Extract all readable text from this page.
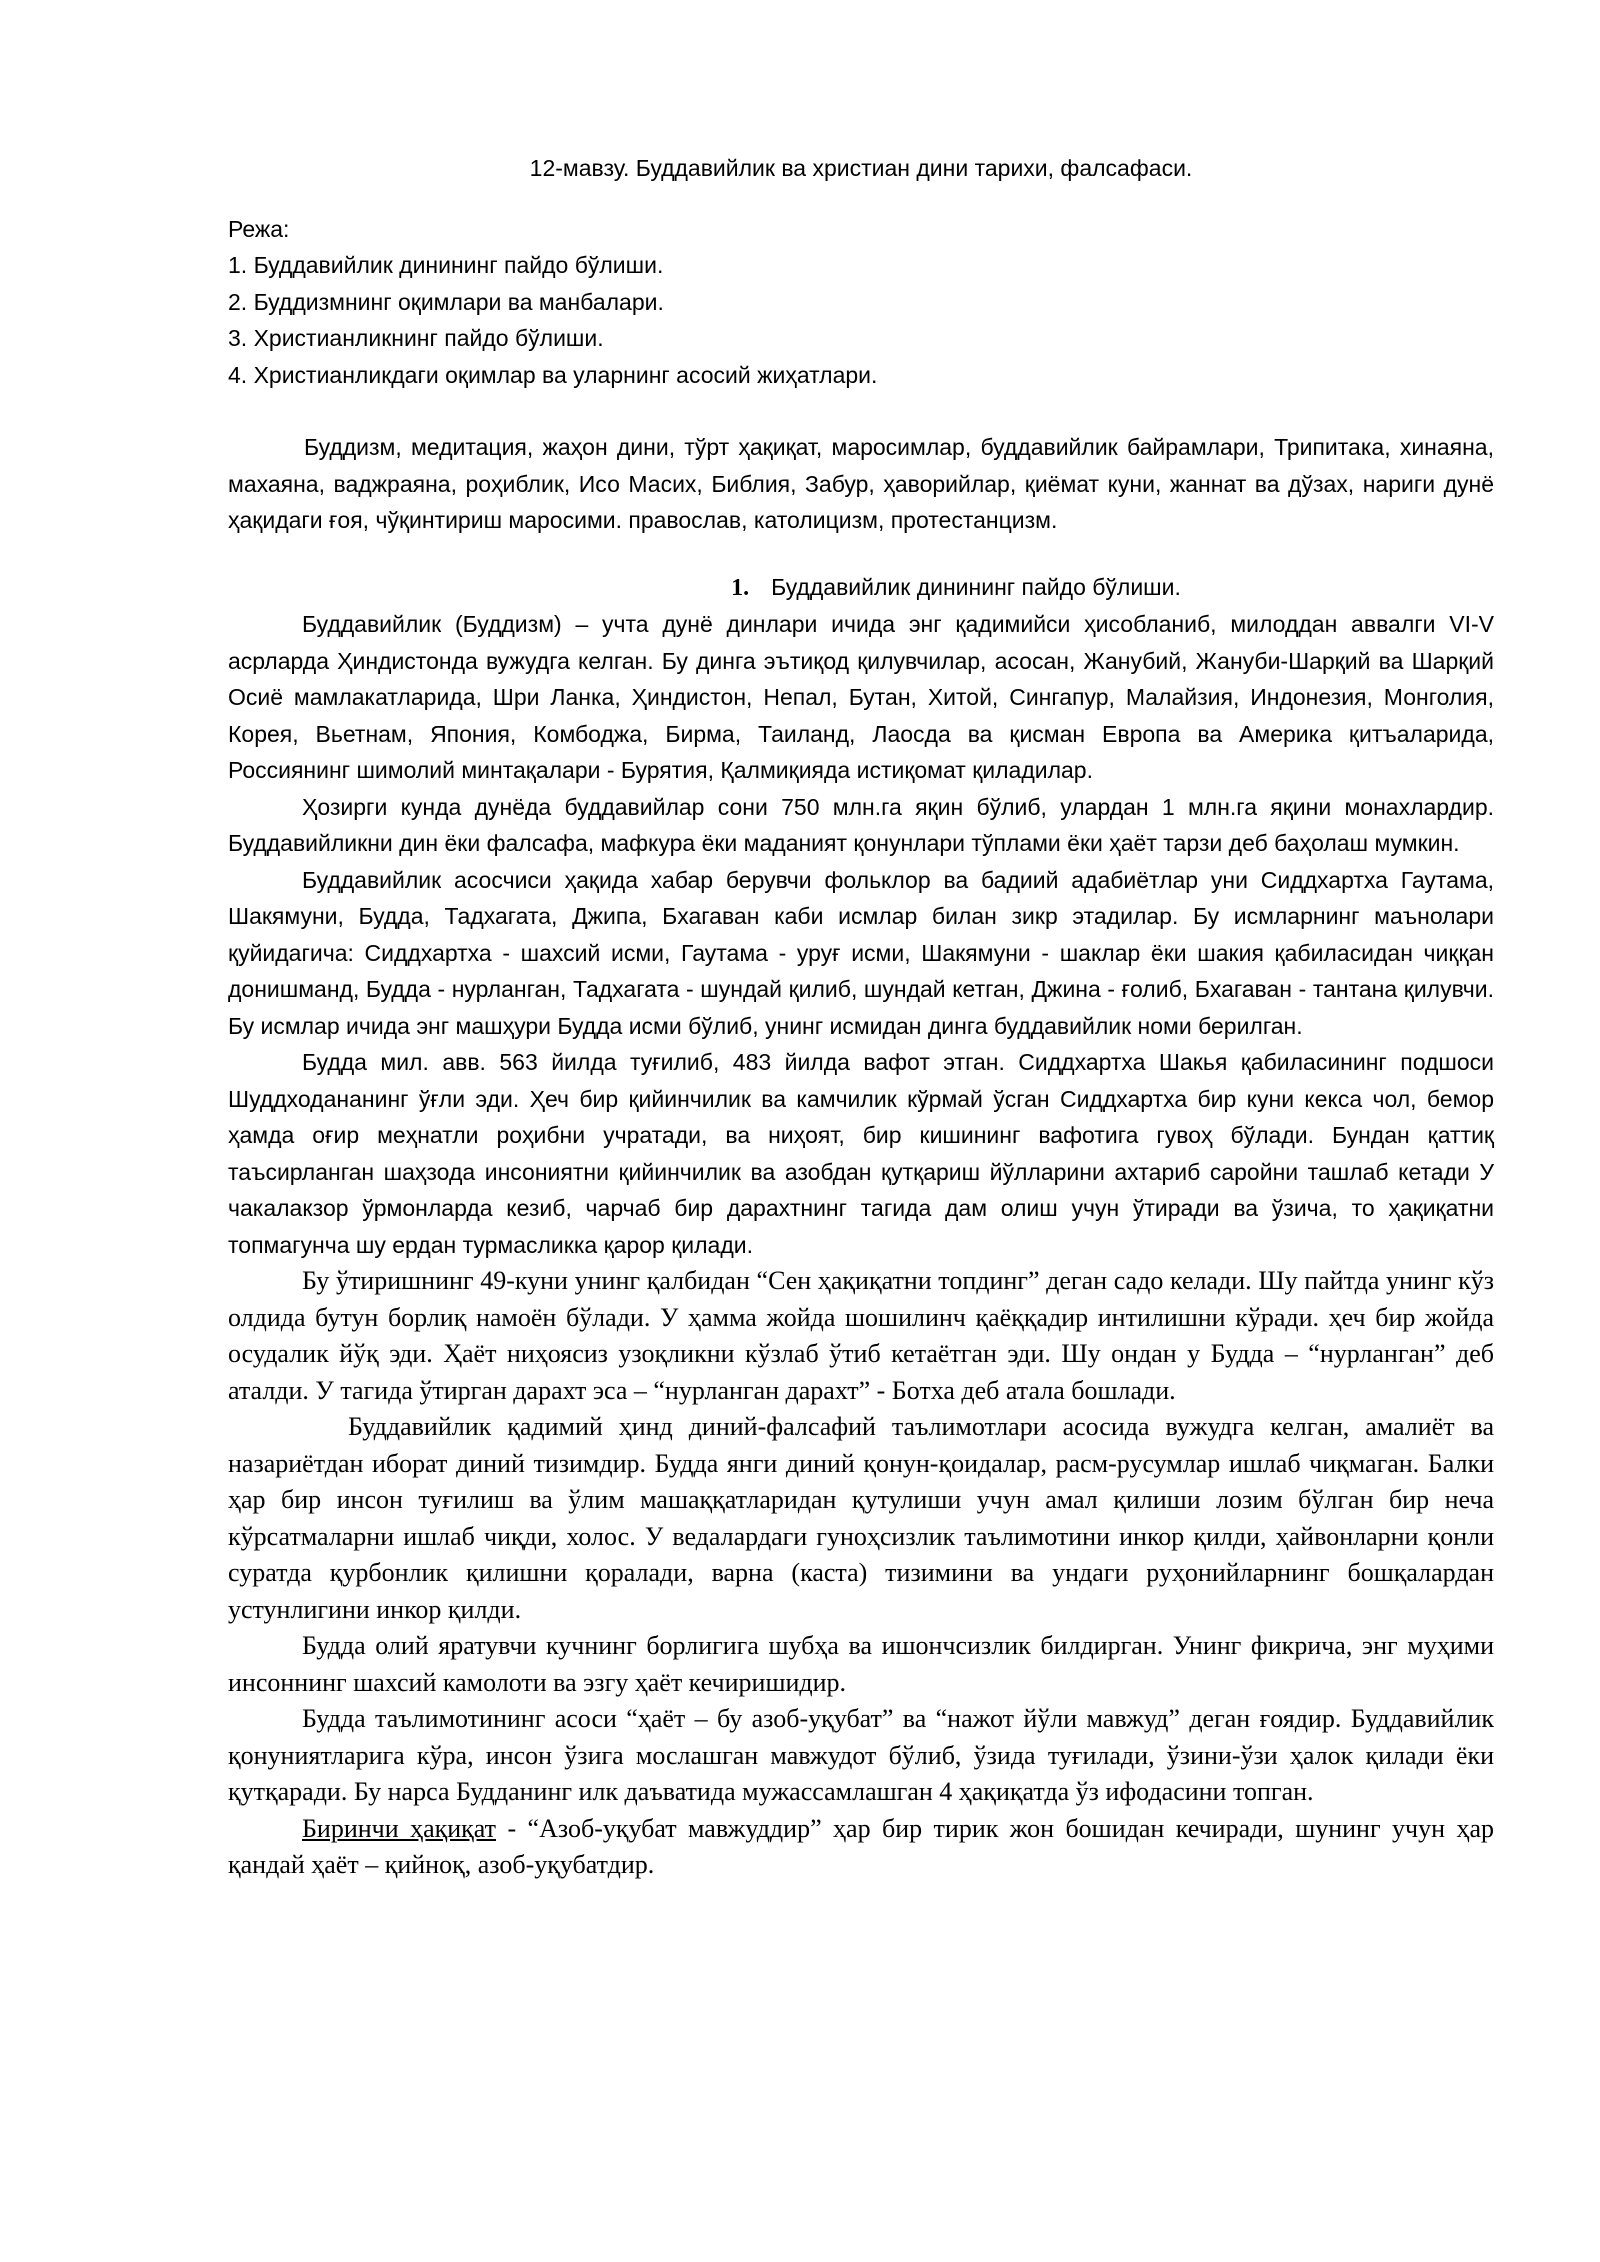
12-мавзу. Буддавийлик ва христиан дини тарихи, фалсафаси.

Режа:

1. Буддавийлик динининг пайдо бўлиши.
2. Буддизмнинг оқимлари ва манбалари.
3. Христианликнинг пайдо бўлиши.
4. Христианликдаги оқимлар ва уларнинг асосий жиҳатлари.

Буддизм, медитация, жаҳон дини, тўрт ҳақиқат, маросимлар, буддавийлик байрамлари, Трипитака, хинаяна, махаяна, ваджраяна, роҳиблик, Исо Масих, Библия, Забур, ҳаворийлар, қиёмат куни, жаннат ва дўзах, нариги дунё ҳақидаги ғоя, чўқинтириш маросими. православ, католицизм, протестанцизм.

1. Буддавийлик динининг пайдо бўлиши.

Буддавийлик (Буддизм) – учта дунё динлари ичида энг қадимийси ҳисобланиб, милоддан аввалги VI-V асрларда Ҳиндистонда вужудга келган. Бу динга эътиқод қилувчилар, асосан, Жанубий, Жануби-Шарқий ва Шарқий Осиё мамлакатларида, Шри Ланка, Ҳиндистон, Непал, Бутан, Хитой, Сингапур, Малайзия, Индонезия, Монголия, Корея, Вьетнам, Япония, Комбоджа, Бирма, Таиланд, Лаосда ва қисман Европа ва Америка қитъаларида, Россиянинг шимолий минтақалари - Бурятия, Қалмиқияда истиқомат қиладилар.

Ҳозирги кунда дунёда буддавийлар сони 750 млн.га яқин бўлиб, улардан 1 млн.га яқини монахлардир. Буддавийликни дин ёки фалсафа, мафкура ёки маданият қонунлари тўплами ёки ҳаёт тарзи деб баҳолаш мумкин.

Буддавийлик асосчиси ҳақида хабар берувчи фольклор ва бадиий адабиётлар уни Сиддхартха Гаутама, Шакямуни, Будда, Тадхагата, Джипа, Бхагаван каби исмлар билан зикр этадилар. Бу исмларнинг маънолари қуйидагича: Сиддхартха - шахсий исми, Гаутама - уруғ исми, Шакямуни - шаклар ёки шакия қабиласидан чиққан донишманд, Будда - нурланган, Тадхагата - шундай қилиб, шундай кетган, Джина - ғолиб, Бхагаван - тантана қилувчи. Бу исмлар ичида энг машҳури Будда исми бўлиб, унинг исмидан динга буддавийлик номи берилган.

Будда мил. авв. 563 йилда туғилиб, 483 йилда вафот этган. Сиддхартха Шакья қабиласининг подшоси Шуддходананинг ўғли эди. Ҳеч бир қийинчилик ва камчилик кўрмай ўсган Сиддхартха бир куни кекса чол, бемор ҳамда оғир меҳнатли роҳибни учратади, ва ниҳоят, бир кишининг вафотига гувоҳ бўлади. Бундан қаттиқ таъсирланган шаҳзода инсониятни қийинчилик ва азобдан қутқариш йўлларини ахтариб саройни ташлаб кетади У чакалакзор ўрмонларда кезиб, чарчаб бир дарахтнинг тагида дам олиш учун ўтиради ва ўзича, то ҳақиқатни топмагунча шу ердан турмасликка қарор қилади.

Бу ўтиришнинг 49-куни унинг қалбидан “Сен ҳақиқатни топдинг” деган садо келади. Шу пайтда унинг кўз олдида бутун борлиқ намоён бўлади. У ҳамма жойда шошилинч қаёққадир интилишни кўради. ҳеч бир жойда осудалик йўқ эди. Ҳаёт ниҳоясиз узоқликни кўзлаб ўтиб кетаётган эди. Шу ондан у Будда – “нурланган” деб аталди. У тагида ўтирган дарахт эса – “нурланган дарахт” - Ботха деб атала бошлади.

Буддавийлик қадимий ҳинд диний-фалсафий таълимотлари асосида вужудга келган, амалиёт ва назариётдан иборат диний тизимдир. Будда янги диний қонун-қоидалар, расм-русумлар ишлаб чиқмаган. Балки ҳар бир инсон туғилиш ва ўлим машаққатларидан қутулиши учун амал қилиши лозим бўлган бир неча кўрсатмаларни ишлаб чиқди, холос. У ведалардаги гуноҳсизлик таълимотини инкор қилди, ҳайвонларни қонли суратда қурбонлик қилишни қоралади, варна (каста) тизимини ва ундаги руҳонийларнинг бошқалардан устунлигини инкор қилди.

Будда олий яратувчи кучнинг борлигига шубҳа ва ишончсизлик билдирган. Унинг фикрича, энг муҳими инсоннинг шахсий камолоти ва эзгу ҳаёт кечиришидир.

Будда таълимотининг асоси “ҳаёт – бу азоб-уқубат” ва “нажот йўли мавжуд” деган ғоядир. Буддавийлик қонуниятларига кўра, инсон ўзига мослашган мавжудот бўлиб, ўзида туғилади, ўзини-ўзи ҳалок қилади ёки қутқаради. Бу нарса Будданинг илк даъватида мужассамлашган 4 ҳақиқатда ўз ифодасини топган.

Биринчи ҳақиқат - “Азоб-уқубат мавжуддир” ҳар бир тирик жон бошидан кечиради, шунинг учун ҳар қандай ҳаёт – қийноқ, азоб-уқубатдир.
